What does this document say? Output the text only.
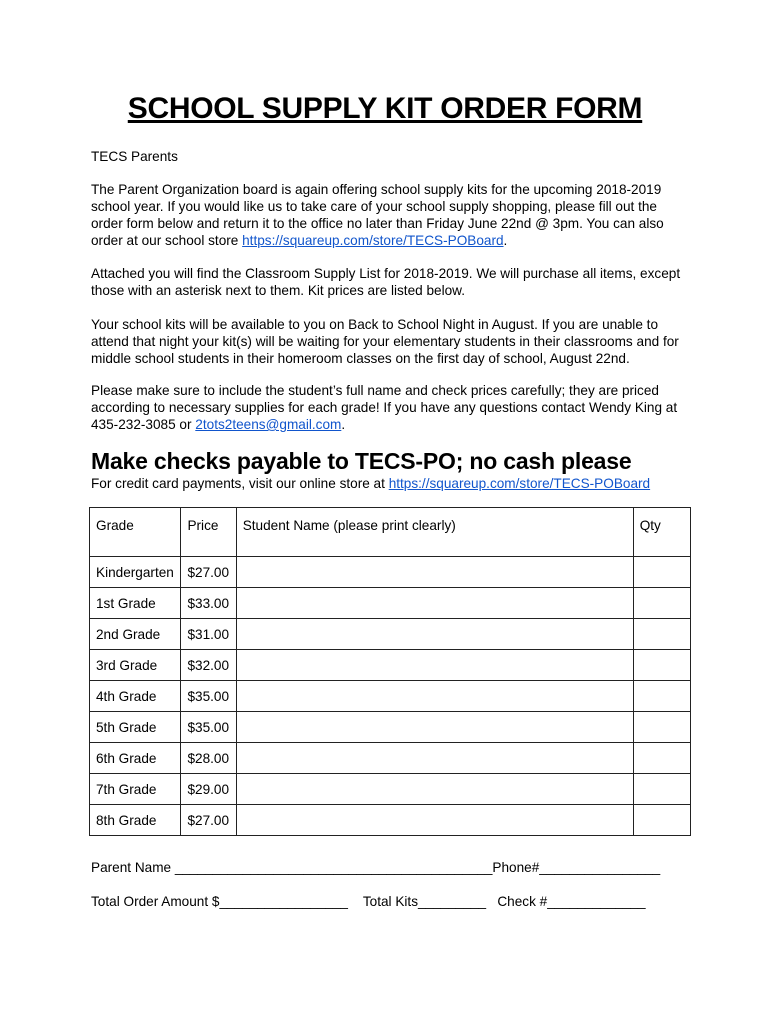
SCHOOL SUPPLY KIT ORDER FORM
TECS Parents
The Parent Organization board is again offering school supply kits for the upcoming 2018-2019 school year. If you would like us to take care of your school supply shopping, please fill out the order form below and return it to the office no later than Friday June 22nd @ 3pm. You can also order at our school store https://squareup.com/store/TECS-POBoard.
Attached you will find the Classroom Supply List for 2018-2019. We will purchase all items, except those with an asterisk next to them. Kit prices are listed below.
Your school kits will be available to you on Back to School Night in August. If you are unable to attend that night your kit(s) will be waiting for your elementary students in their classrooms and for middle school students in their homeroom classes on the first day of school, August 22nd.
Please make sure to include the student’s full name and check prices carefully; they are priced according to necessary supplies for each grade! If you have any questions contact Wendy King at 435-232-3085 or 2tots2teens@gmail.com.
Make checks payable to TECS-PO; no cash please
For credit card payments, visit our online store at https://squareup.com/store/TECS-POBoard
Grade	Price	Student Name (please print clearly)	Qty
Kindergarten	$27.00		
1st Grade	$33.00		
2nd Grade	$31.00		
3rd Grade	$32.00		
4th Grade	$35.00		
5th Grade	$35.00		
6th Grade	$28.00		
7th Grade	$29.00		
8th Grade	$27.00		
Parent Name __________________________________________Phone#________________
Total Order Amount $_________________    Total Kits_________   Check #_____________
